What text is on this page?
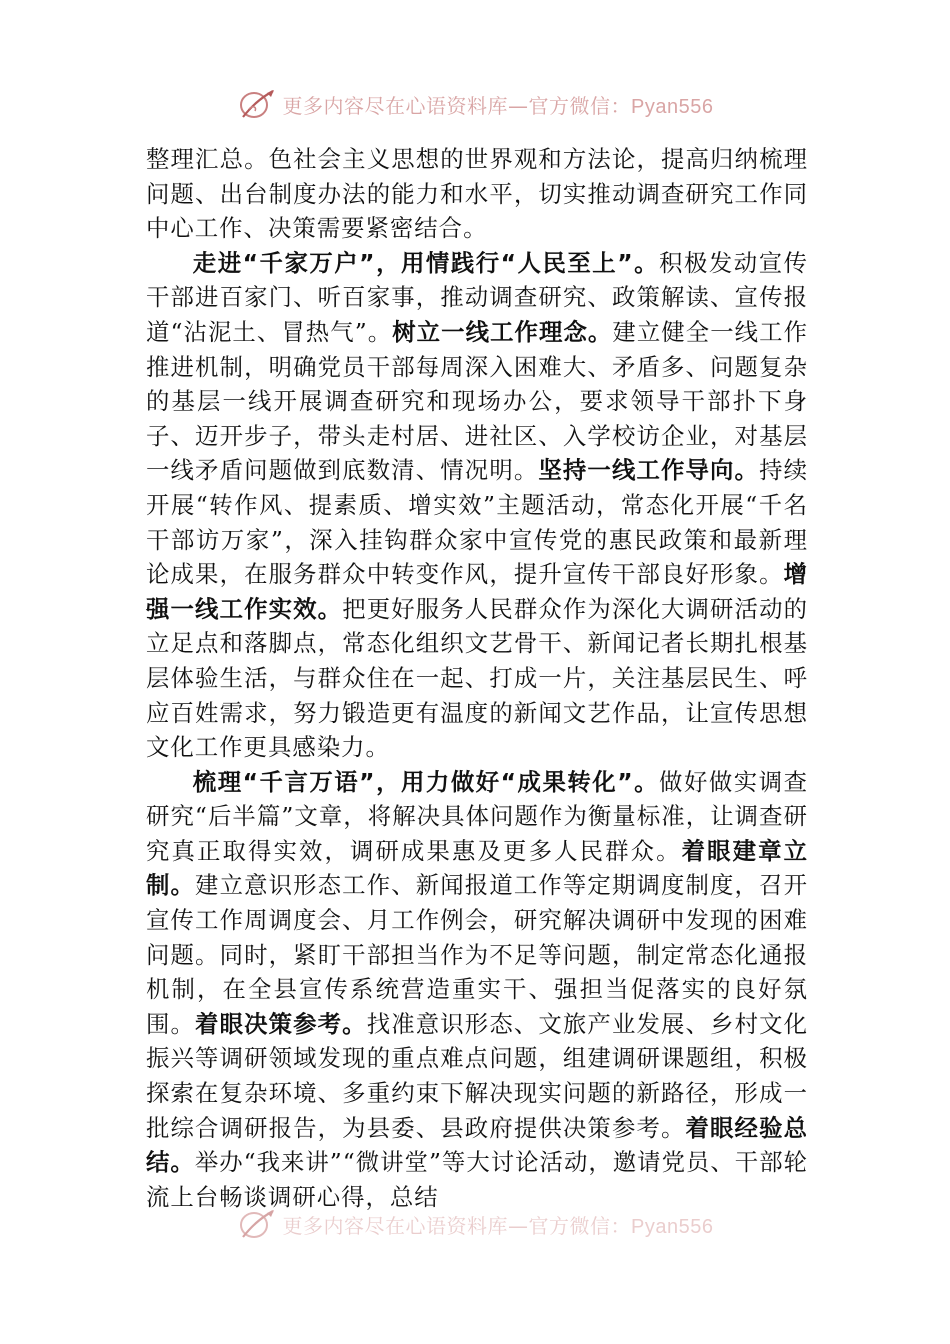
更多内容尽在心语资料库—官方微信：Pyan556

整理汇总。色社会主义思想的世界观和方法论，提高归纳梳理问题、出台制度办法的能力和水平，切实推动调查研究工作同中心工作、决策需要紧密结合。

走进“千家万户”，用情践行“人民至上”。积极发动宣传干部进百家门、听百家事，推动调查研究、政策解读、宣传报道“沾泥土、冒热气”。树立一线工作理念。建立健全一线工作推进机制，明确党员干部每周深入困难大、矛盾多、问题复杂的基层一线开展调查研究和现场办公，要求领导干部扑下身子、迈开步子，带头走村居、进社区、入学校访企业，对基层一线矛盾问题做到底数清、情况明。坚持一线工作导向。持续开展“转作风、提素质、增实效”主题活动，常态化开展“千名干部访万家”，深入挂钩群众家中宣传党的惠民政策和最新理论成果，在服务群众中转变作风，提升宣传干部良好形象。增强一线工作实效。把更好服务人民群众作为深化大调研活动的立足点和落脚点，常态化组织文艺骨干、新闻记者长期扎根基层体验生活，与群众住在一起、打成一片，关注基层民生、呼应百姓需求，努力锻造更有温度的新闻文艺作品，让宣传思想文化工作更具感染力。

梳理“千言万语”，用力做好“成果转化”。做好做实调查研究“后半篇”文章，将解决具体问题作为衡量标准，让调查研究真正取得实效，调研成果惠及更多人民群众。着眼建章立制。建立意识形态工作、新闻报道工作等定期调度制度，召开宣传工作周调度会、月工作例会，研究解决调研中发现的困难问题。同时，紧盯干部担当作为不足等问题，制定常态化通报机制，在全县宣传系统营造重实干、强担当促落实的良好氛围。着眼决策参考。找准意识形态、文旅产业发展、乡村文化振兴等调研领域发现的重点难点问题，组建调研课题组，积极探索在复杂环境、多重约束下解决现实问题的新路径，形成一批综合调研报告，为县委、县政府提供决策参考。着眼经验总结。举办“我来讲”“微讲堂”等大讨论活动，邀请党员、干部轮流上台畅谈调研心得，总结

更多内容尽在心语资料库—官方微信：Pyan556
